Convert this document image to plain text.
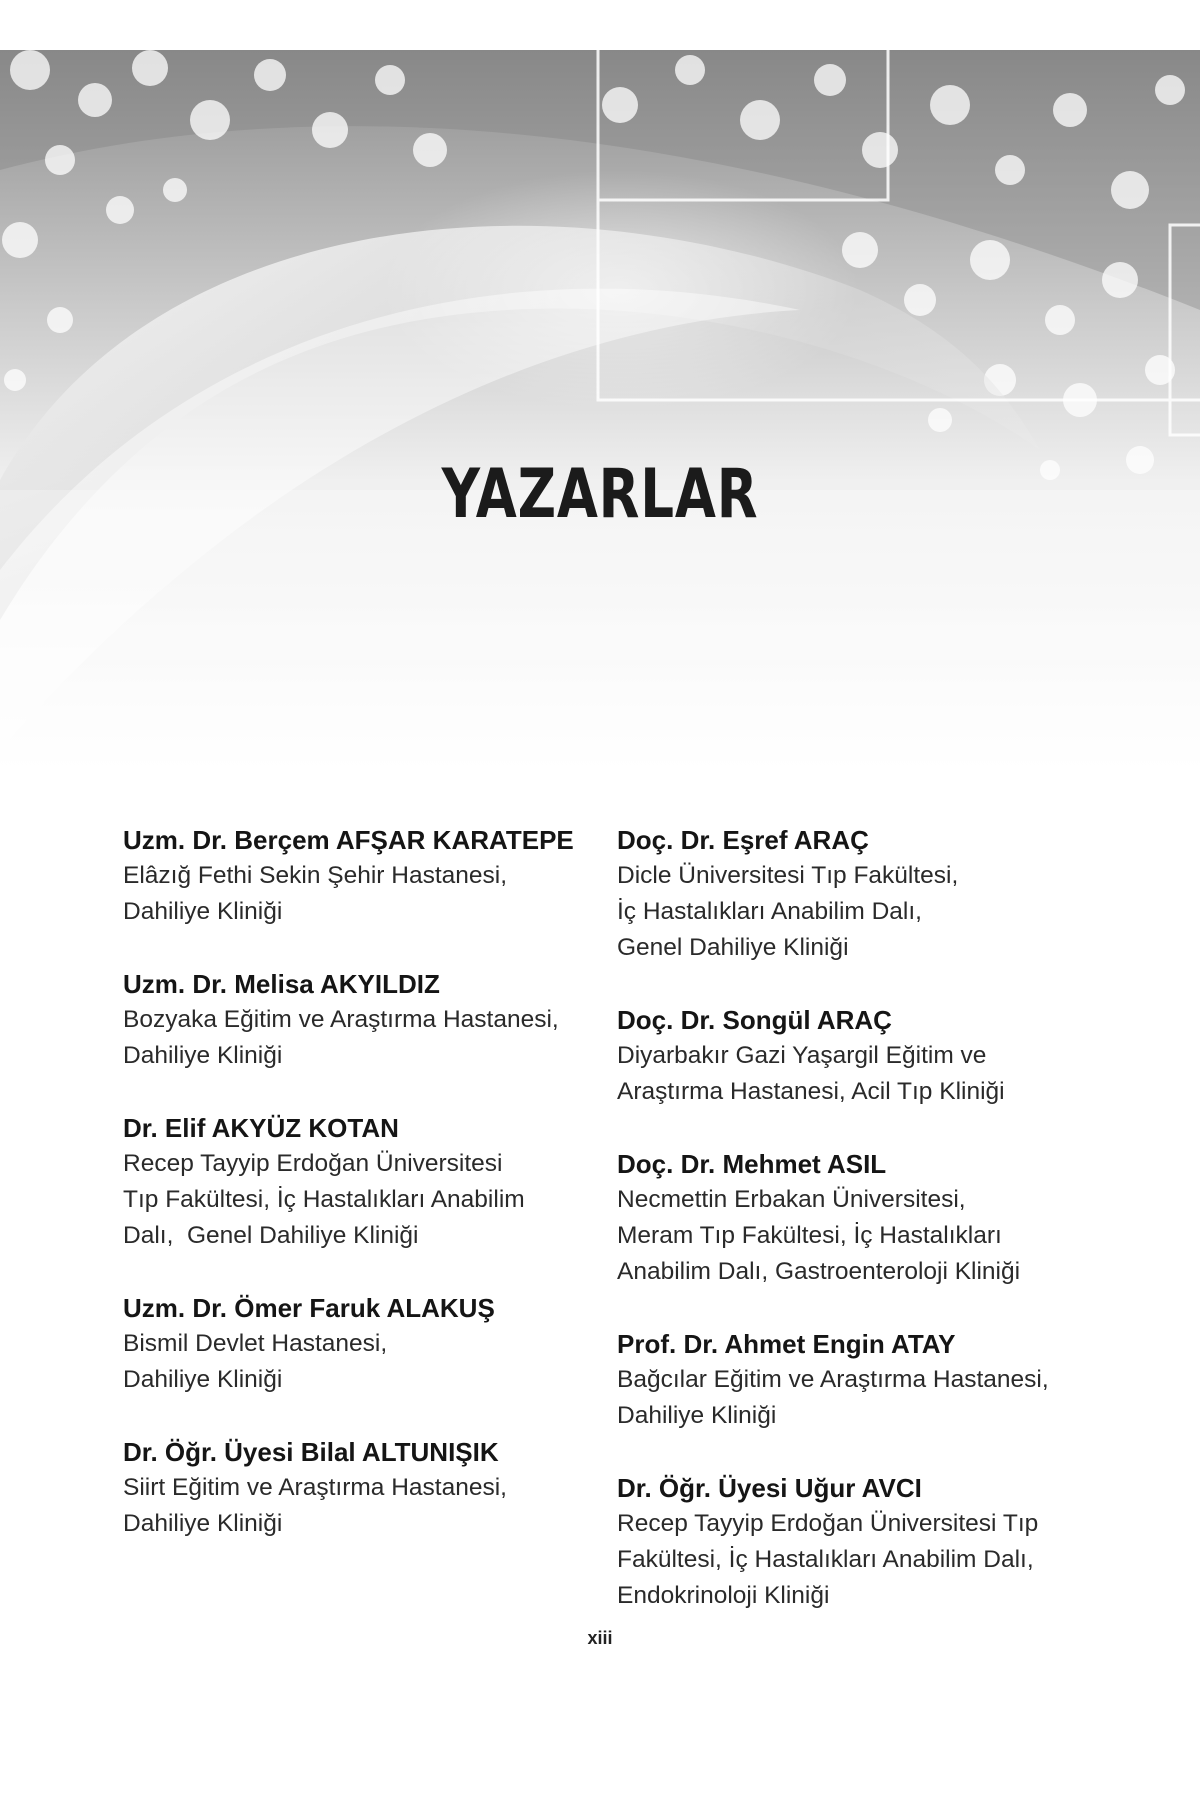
YAZARLAR
Uzm. Dr. Berçem AFŞAR KARATEPE
Elâzığ Fethi Sekin Şehir Hastanesi,
Dahiliye Kliniği
Uzm. Dr. Melisa AKYILDIZ
Bozyaka Eğitim ve Araştırma Hastanesi,
Dahiliye Kliniği
Dr. Elif AKYÜZ KOTAN
Recep Tayyip Erdoğan Üniversitesi
Tıp Fakültesi, İç Hastalıkları Anabilim
Dalı,  Genel Dahiliye Kliniği
Uzm. Dr. Ömer Faruk ALAKUŞ
Bismil Devlet Hastanesi,
Dahiliye Kliniği
Dr. Öğr. Üyesi Bilal ALTUNIŞIK
Siirt Eğitim ve Araştırma Hastanesi,
Dahiliye Kliniği
Doç. Dr. Eşref ARAÇ
Dicle Üniversitesi Tıp Fakültesi,
İç Hastalıkları Anabilim Dalı,
Genel Dahiliye Kliniği
Doç. Dr. Songül ARAÇ
Diyarbakır Gazi Yaşargil Eğitim ve
Araştırma Hastanesi, Acil Tıp Kliniği
Doç. Dr. Mehmet ASIL
Necmettin Erbakan Üniversitesi,
Meram Tıp Fakültesi, İç Hastalıkları
Anabilim Dalı, Gastroenteroloji Kliniği
Prof. Dr. Ahmet Engin ATAY
Bağcılar Eğitim ve Araştırma Hastanesi,
Dahiliye Kliniği
Dr. Öğr. Üyesi Uğur AVCI
Recep Tayyip Erdoğan Üniversitesi Tıp
Fakültesi, İç Hastalıkları Anabilim Dalı,
Endokrinoloji Kliniği
xiii
